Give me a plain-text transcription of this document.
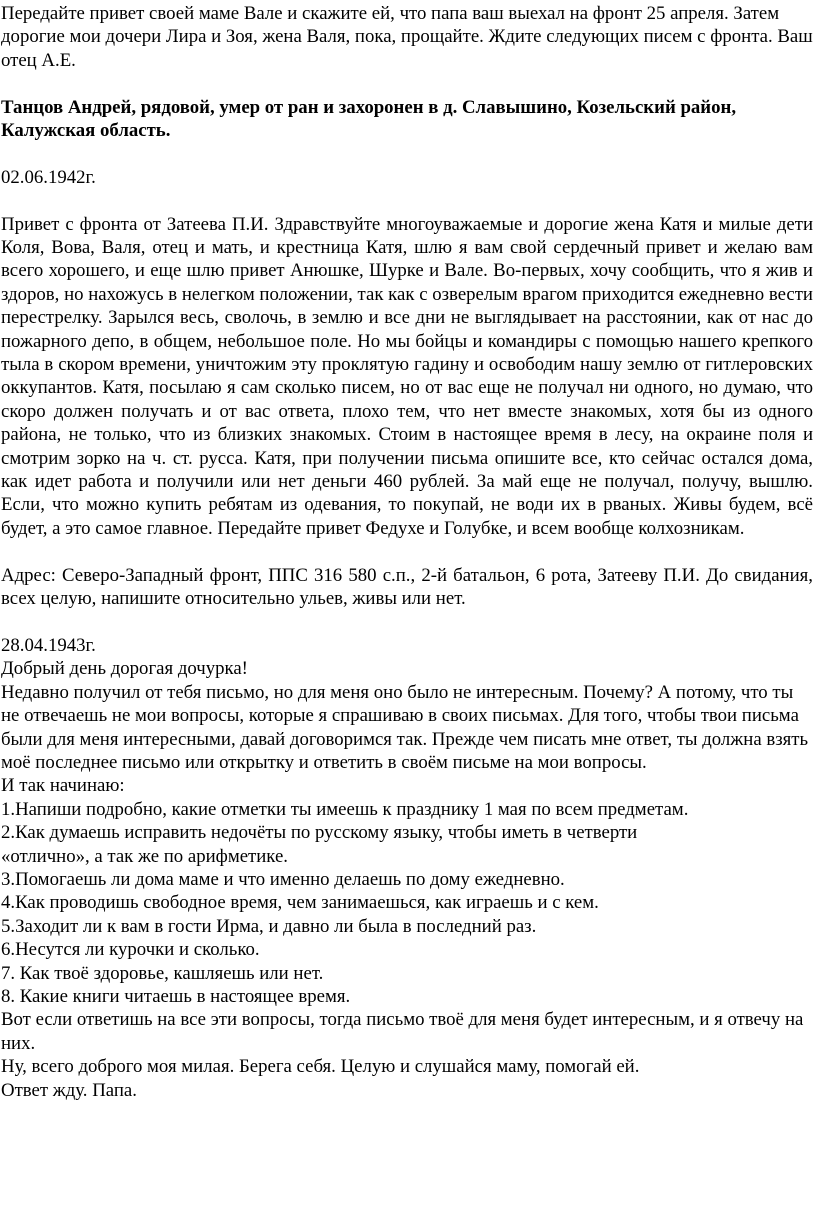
Передайте привет своей маме Вале и скажите ей, что папа ваш выехал на фронт 25 апреля. Затем дорогие мои дочери Лира и Зоя, жена Валя, пока, прощайте. Ждите следующих писем с фронта. Ваш отец А.Е.

Танцов Андрей, рядовой, умер от ран и захоронен в д. Славышино, Козельский район, Калужская область.

02.06.1942г.

Привет с фронта от Затеева П.И. Здравствуйте многоуважаемые и дорогие жена Катя и милые дети Коля, Вова, Валя, отец и мать, и крестница Катя, шлю я вам свой сердечный привет и желаю вам всего хорошего, и еще шлю привет Анюшке, Шурке и Вале. Во-первых, хочу сообщить, что я жив и здоров, но нахожусь в нелегком положении, так как с озверелым врагом приходится ежедневно вести перестрелку. Зарылся весь, сволочь, в землю и все дни не выглядывает на расстоянии, как от нас до пожарного депо, в общем, небольшое поле. Но мы бойцы и командиры с помощью нашего крепкого тыла в скором времени, уничтожим эту проклятую гадину и освободим нашу землю от гитлеровских оккупантов. Катя, посылаю я сам сколько писем, но от вас еще не получал ни одного, но думаю, что скоро должен получать и от вас ответа, плохо тем, что нет вместе знакомых, хотя бы из одного района, не только, что из близких знакомых. Стоим в настоящее время в лесу, на окраине поля и смотрим зорко на ч. ст. русса. Катя, при получении письма опишите все, кто сейчас остался дома, как идет работа и получили или нет деньги 460 рублей. За май еще не получал, получу, вышлю. Если, что можно купить ребятам из одевания, то покупай, не води их в рваных. Живы будем, всё будет, а это самое главное. Передайте привет Федухе и Голубке, и всем вообще колхозникам.

Адрес: Северо-Западный фронт, ППС 316 580 с.п., 2-й батальон, 6 рота, Затееву П.И. До свидания, всех целую, напишите относительно ульев, живы или нет.

28.04.1943г.

Добрый день дорогая дочурка!

Недавно получил от тебя письмо, но для меня оно было не интересным. Почему? А потому, что ты не отвечаешь не мои вопросы, которые я спрашиваю в своих письмах. Для того, чтобы твои письма были для меня интересными, давай договоримся так. Прежде чем писать мне ответ, ты должна взять моё последнее письмо или открытку и ответить в своём письме на мои вопросы.

И так начинаю:

1.Напиши подробно, какие отметки ты имеешь к празднику 1 мая по всем предметам.

2.Как думаешь исправить недочёты по русскому языку, чтобы иметь в четверти «отлично», а так же по арифметике.

3.Помогаешь ли дома маме и что именно делаешь по дому ежедневно.

4.Как проводишь свободное время, чем занимаешься, как играешь и с кем.

5.Заходит ли к вам в гости Ирма, и давно ли была в последний раз.

6.Несутся ли курочки и сколько.

7. Как твоё здоровье, кашляешь или нет.

8. Какие книги читаешь в настоящее время.

Вот если ответишь на все эти вопросы, тогда письмо твоё для меня будет интересным, и я отвечу на них.

Ну, всего доброго моя милая. Берега себя. Целую и слушайся маму, помогай ей.

Ответ жду. Папа.
